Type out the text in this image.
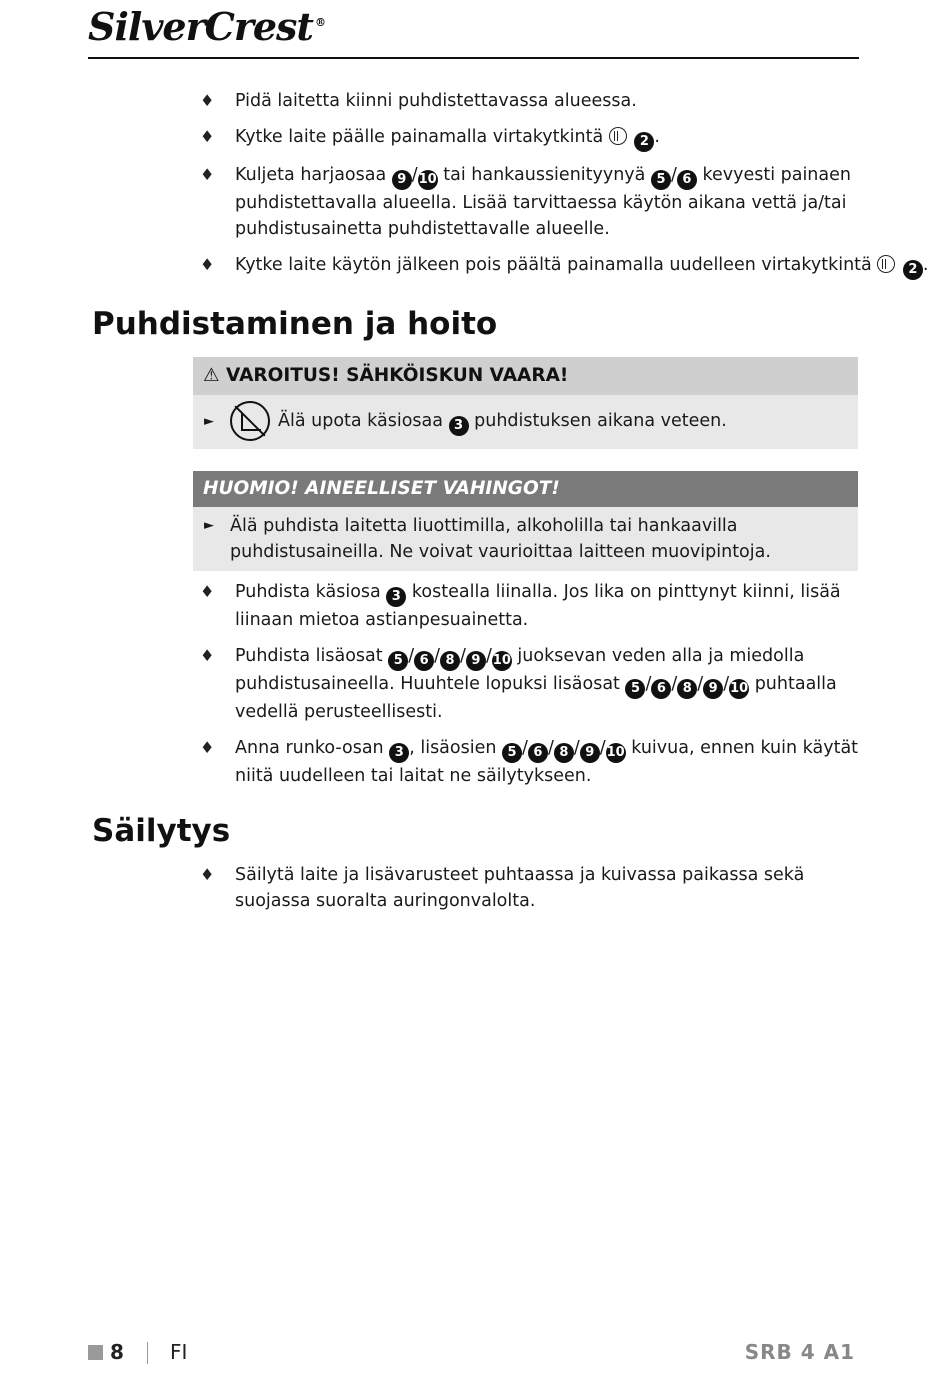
SilverCrest ®
♦ Pidä laitetta kiinni puhdistettavassa alueessa.
♦ Kytke laite päälle painamalla virtakytkintä	2 .
♦ Kuljeta harjaosaa 9 /10 tai hankaussienityynyä 5 / 6 kevyesti painaen puhdistettavalla alueella. Lisää tarvittaessa käytön aikana vettä ja/tai puhdistusainetta puhdistettavalle alueelle.
♦ Kytke laite käytön jälkeen pois päältä painamalla uudelleen virtakytkintä	2 .
Puhdistaminen ja hoito
⚠ VAROITUS! SÄHKÖISKUN VAARA!
►	Älä upota käsiosaa 3 puhdistuksen aikana veteen.
HUOMIO! AINEELLISET VAHINGOT!
► Älä puhdista laitetta liuottimilla, alkoholilla tai hankaavilla puhdistusaineilla. Ne voivat vaurioittaa laitteen muovipintoja.
♦ Puhdista käsiosa 3 kostealla liinalla. Jos lika on pinttynyt kiinni, lisää liinaan mietoa astianpesuainetta.
♦ Puhdista lisäosat 5 / 6 / 8 / 9 /10 juoksevan veden alla ja miedolla puhdistusaineella. Huuhtele lopuksi lisäosat 5 / 6 / 8 / 9 /10 puhtaalla vedellä perusteellisesti.
♦ Anna runko-osan 3 , lisäosien 5 / 6 / 8 / 9 /10 kuivua, ennen kuin käytät niitä uudelleen tai laitat ne säilytykseen.
Säilytys
♦ Säilytä laite ja lisävarusteet puhtaassa ja kuivassa paikassa sekä suojassa suoralta auringonvalolta.
8 FI	SRB 4 A1
